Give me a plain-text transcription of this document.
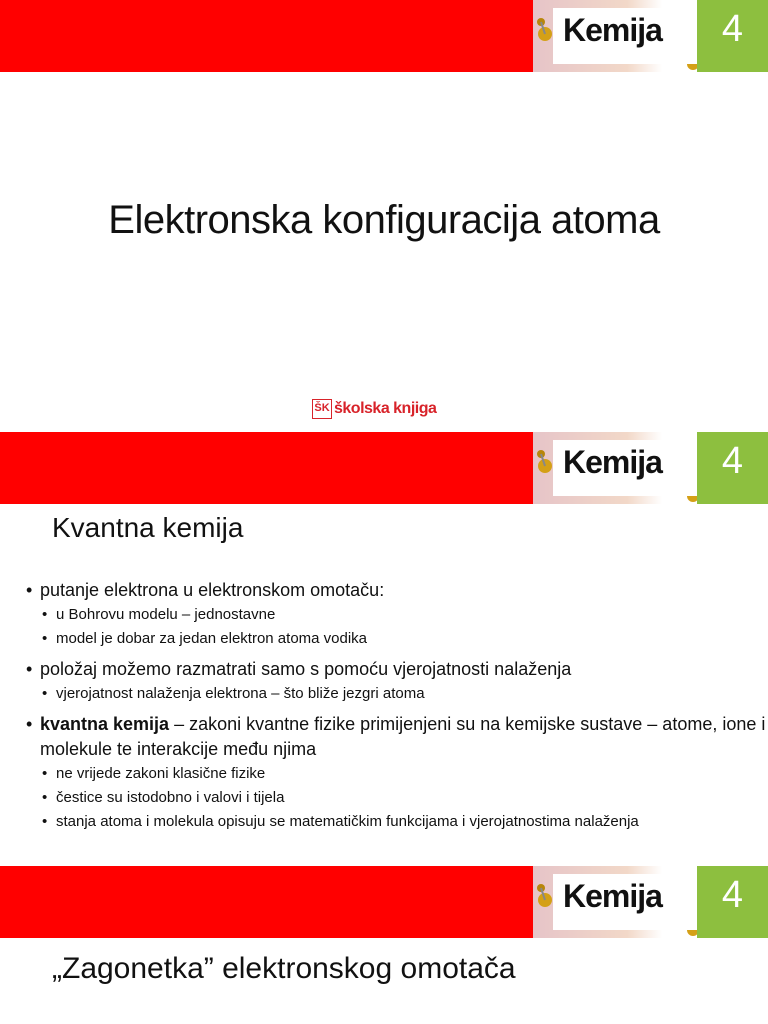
Kemija	4
Elektronska konfiguracija atoma
ŠK školska knjiga
Kemija	4
Kvantna kemija
• putanje elektrona u elektronskom omotaču:
• u Bohrovu modelu – jednostavne
• model je dobar za jedan elektron atoma vodika
• položaj možemo razmatrati samo s pomoću vjerojatnosti nalaženja
• vjerojatnost nalaženja elektrona – što bliže jezgri atoma
• kvantna kemija – zakoni kvantne fizike primijenjeni su na kemijske sustave – atome, ione i molekule te interakcije među njima
• ne vrijede zakoni klasične fizike
• čestice su istodobno i valovi i tijela
• stanja atoma i molekula opisuju se matematičkim funkcijama i vjerojatnostima nalaženja
Kemija	4
„Zagonetka” elektronskog omotača
